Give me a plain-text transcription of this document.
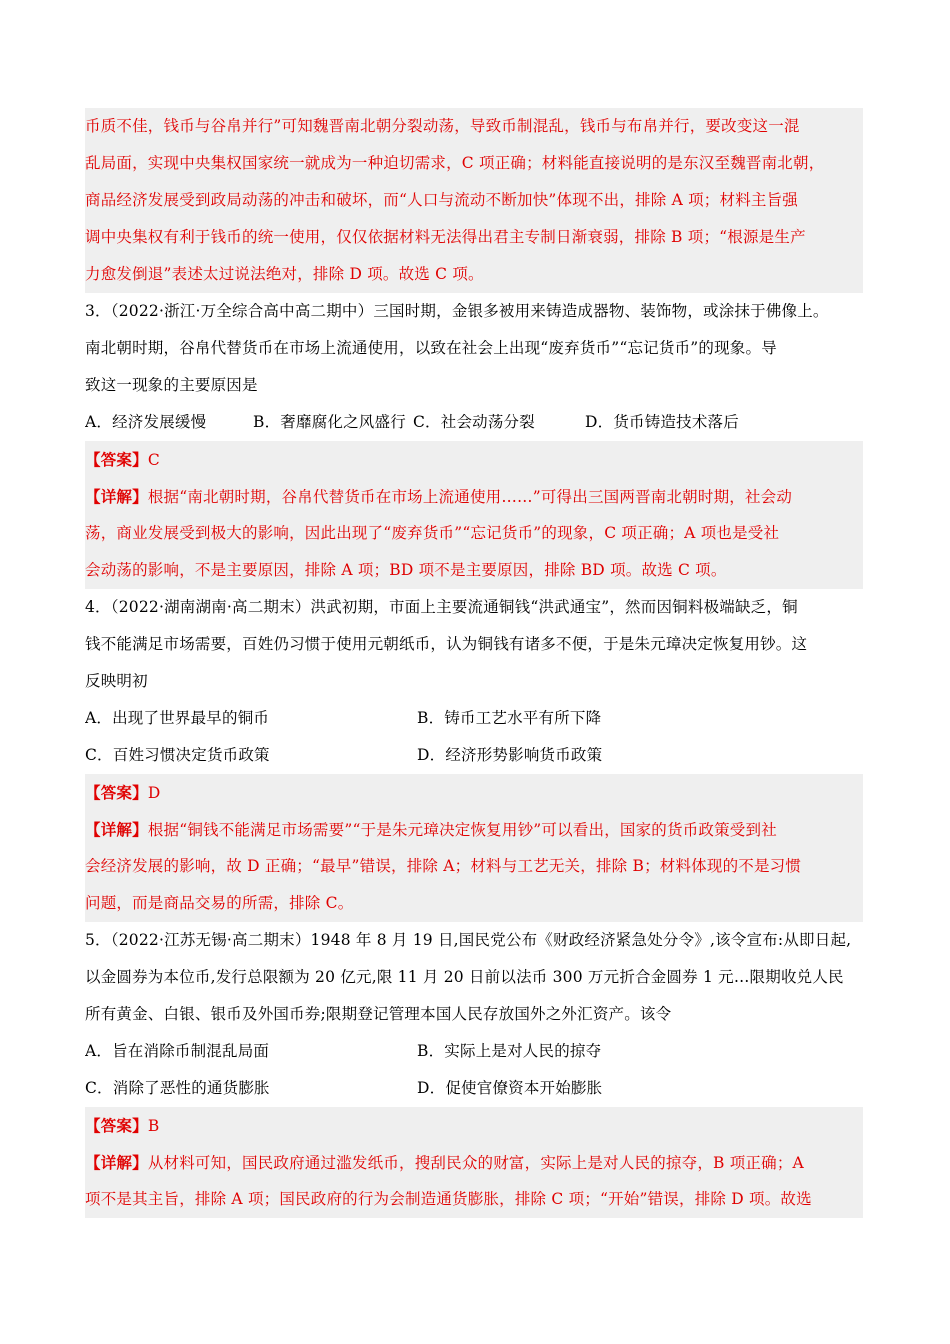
币质不佳，钱币与谷帛并行”可知魏晋南北朝分裂动荡，导致币制混乱，钱币与布帛并行，要改变这一混
乱局面，实现中央集权国家统一就成为一种迫切需求，C 项正确；材料能直接说明的是东汉至魏晋南北朝，
商品经济发展受到政局动荡的冲击和破坏，而“人口与流动不断加快”体现不出，排除 A 项；材料主旨强
调中央集权有利于钱币的统一使用，仅仅依据材料无法得出君主专制日渐衰弱，排除 B 项；“根源是生产
力愈发倒退”表述太过说法绝对，排除 D 项。故选 C 项。
3．（2022·浙江·万全综合高中高二期中）三国时期，金银多被用来铸造成器物、装饰物，或涂抹于佛像上。
南北朝时期，谷帛代替货币在市场上流通使用，以致在社会上出现“废弃货币”“忘记货币”的现象。导
致这一现象的主要原因是
A．经济发展缓慢	B．奢靡腐化之风盛行 C．社会动荡分裂	D．货币铸造技术落后
【答案】C
【详解】根据“南北朝时期，谷帛代替货币在市场上流通使用……”可得出三国两晋南北朝时期，社会动
荡，商业发展受到极大的影响，因此出现了“废弃货币”“忘记货币”的现象，C 项正确；A 项也是受社
会动荡的影响，不是主要原因，排除 A 项；BD 项不是主要原因，排除 BD 项。故选 C 项。
4．（2022·湖南湖南·高二期末）洪武初期，市面上主要流通铜钱“洪武通宝”，然而因铜料极端缺乏，铜
钱不能满足市场需要，百姓仍习惯于使用元朝纸币，认为铜钱有诸多不便，于是朱元璋决定恢复用钞。这
反映明初
A．出现了世界最早的铜币	B．铸币工艺水平有所下降
C．百姓习惯决定货币政策	D．经济形势影响货币政策
【答案】D
【详解】根据“铜钱不能满足市场需要”“于是朱元璋决定恢复用钞”可以看出，国家的货币政策受到社
会经济发展的影响，故 D 正确；“最早”错误，排除 A；材料与工艺无关，排除 B；材料体现的不是习惯
问题，而是商品交易的所需，排除 C。
5．（2022·江苏无锡·高二期末）1948 年 8 月 19 日,国民党公布《财政经济紧急处分令》,该令宣布:从即日起,
以金圆券为本位币,发行总限额为 20 亿元,限 11 月 20 日前以法币 300 万元折合金圆券 1 元…限期收兑人民
所有黄金、白银、银币及外国币券;限期登记管理本国人民存放国外之外汇资产。该令
A．旨在消除币制混乱局面	B．实际上是对人民的掠夺
C．消除了恶性的通货膨胀	D．促使官僚资本开始膨胀
【答案】B
【详解】从材料可知，国民政府通过滥发纸币，搜刮民众的财富，实际上是对人民的掠夺，B 项正确；A
项不是其主旨，排除 A 项；国民政府的行为会制造通货膨胀，排除 C 项；“开始”错误，排除 D 项。故选
